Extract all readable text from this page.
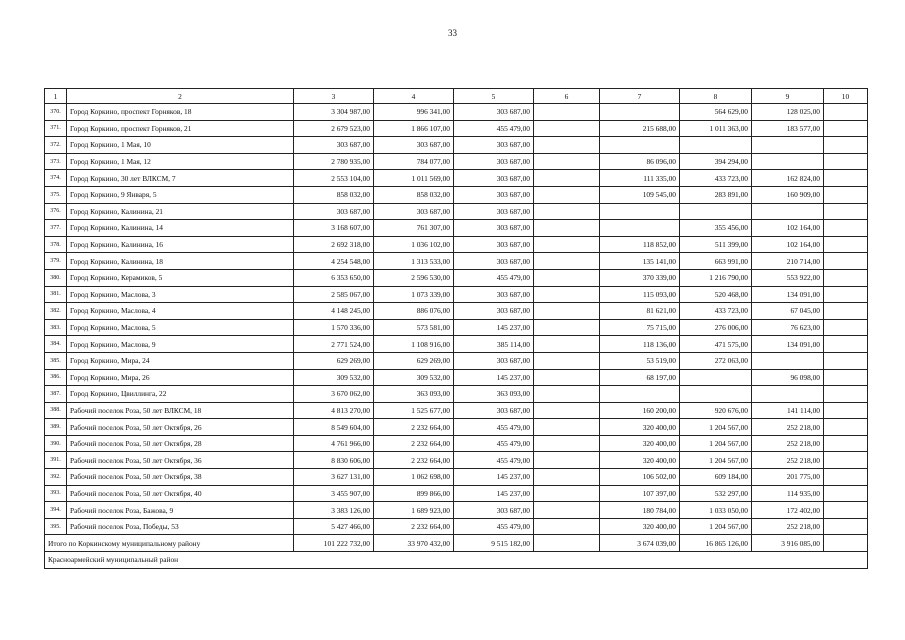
33
1	2	3	4	5	6	7	8	9	10
370.	Город Коркино, проспект Горняков, 18	3 304 987,00	996 341,00	303 687,00			564 629,00	128 025,00	
371.	Город Коркино, проспект Горняков, 21	2 679 523,00	1 866 107,00	455 479,00		215 688,00	1 011 363,00	183 577,00	
372.	Город Коркино, 1 Мая, 10	303 687,00	303 687,00	303 687,00					
373.	Город Коркино, 1 Мая, 12	2 780 935,00	784 077,00	303 687,00		86 096,00	394 294,00		
374.	Город Коркино, 30 лет ВЛКСМ, 7	2 553 104,00	1 011 569,00	303 687,00		111 335,00	433 723,00	162 824,00	
375.	Город Коркино, 9 Января, 5	858 032,00	858 032,00	303 687,00		109 545,00	283 891,00	160 909,00	
376.	Город Коркино, Калинина, 21	303 687,00	303 687,00	303 687,00					
377.	Город Коркино, Калинина, 14	3 168 607,00	761 307,00	303 687,00			355 456,00	102 164,00	
378.	Город Коркино, Калинина, 16	2 692 318,00	1 036 102,00	303 687,00		118 852,00	511 399,00	102 164,00	
379.	Город Коркино, Калинина, 18	4 254 548,00	1 313 533,00	303 687,00		135 141,00	663 991,00	210 714,00	
380.	Город Коркино, Керамиков, 5	6 353 650,00	2 596 530,00	455 479,00		370 339,00	1 216 790,00	553 922,00	
381.	Город Коркино, Маслова, 3	2 585 067,00	1 073 339,00	303 687,00		115 093,00	520 468,00	134 091,00	
382.	Город Коркино, Маслова, 4	4 148 245,00	886 076,00	303 687,00		81 621,00	433 723,00	67 045,00	
383.	Город Коркино, Маслова, 5	1 570 336,00	573 581,00	145 237,00		75 715,00	276 006,00	76 623,00	
384.	Город Коркино, Маслова, 9	2 771 524,00	1 108 916,00	385 114,00		118 136,00	471 575,00	134 091,00	
385.	Город Коркино, Мира, 24	629 269,00	629 269,00	303 687,00		53 519,00	272 063,00		
386.	Город Коркино, Мира, 26	309 532,00	309 532,00	145 237,00		68 197,00		96 098,00	
387.	Город Коркино, Цвиллинга, 22	3 670 062,00	363 093,00	363 093,00					
388.	Рабочий поселок Роза, 50 лет ВЛКСМ, 18	4 813 270,00	1 525 677,00	303 687,00		160 200,00	920 676,00	141 114,00	
389.	Рабочий поселок Роза, 50 лет Октября, 26	8 549 604,00	2 232 664,00	455 479,00		320 400,00	1 204 567,00	252 218,00	
390.	Рабочий поселок Роза, 50 лет Октября, 28	4 761 966,00	2 232 664,00	455 479,00		320 400,00	1 204 567,00	252 218,00	
391.	Рабочий поселок Роза, 50 лет Октября, 36	8 830 606,00	2 232 664,00	455 479,00		320 400,00	1 204 567,00	252 218,00	
392.	Рабочий поселок Роза, 50 лет Октября, 38	3 627 131,00	1 062 698,00	145 237,00		106 502,00	609 184,00	201 775,00	
393.	Рабочий поселок Роза, 50 лет Октября, 40	3 455 907,00	899 866,00	145 237,00		107 397,00	532 297,00	114 935,00	
394.	Рабочий поселок Роза, Бажова, 9	3 383 126,00	1 689 923,00	303 687,00		180 784,00	1 033 050,00	172 402,00	
395.	Рабочий поселок Роза, Победы, 53	5 427 466,00	2 232 664,00	455 479,00		320 400,00	1 204 567,00	252 218,00	
Итого по Коркинскому муниципальному району		101 222 732,00	33 970 432,00	9 515 182,00		3 674 039,00	16 865 126,00	3 916 085,00	
Красноармейский муниципальный район									
